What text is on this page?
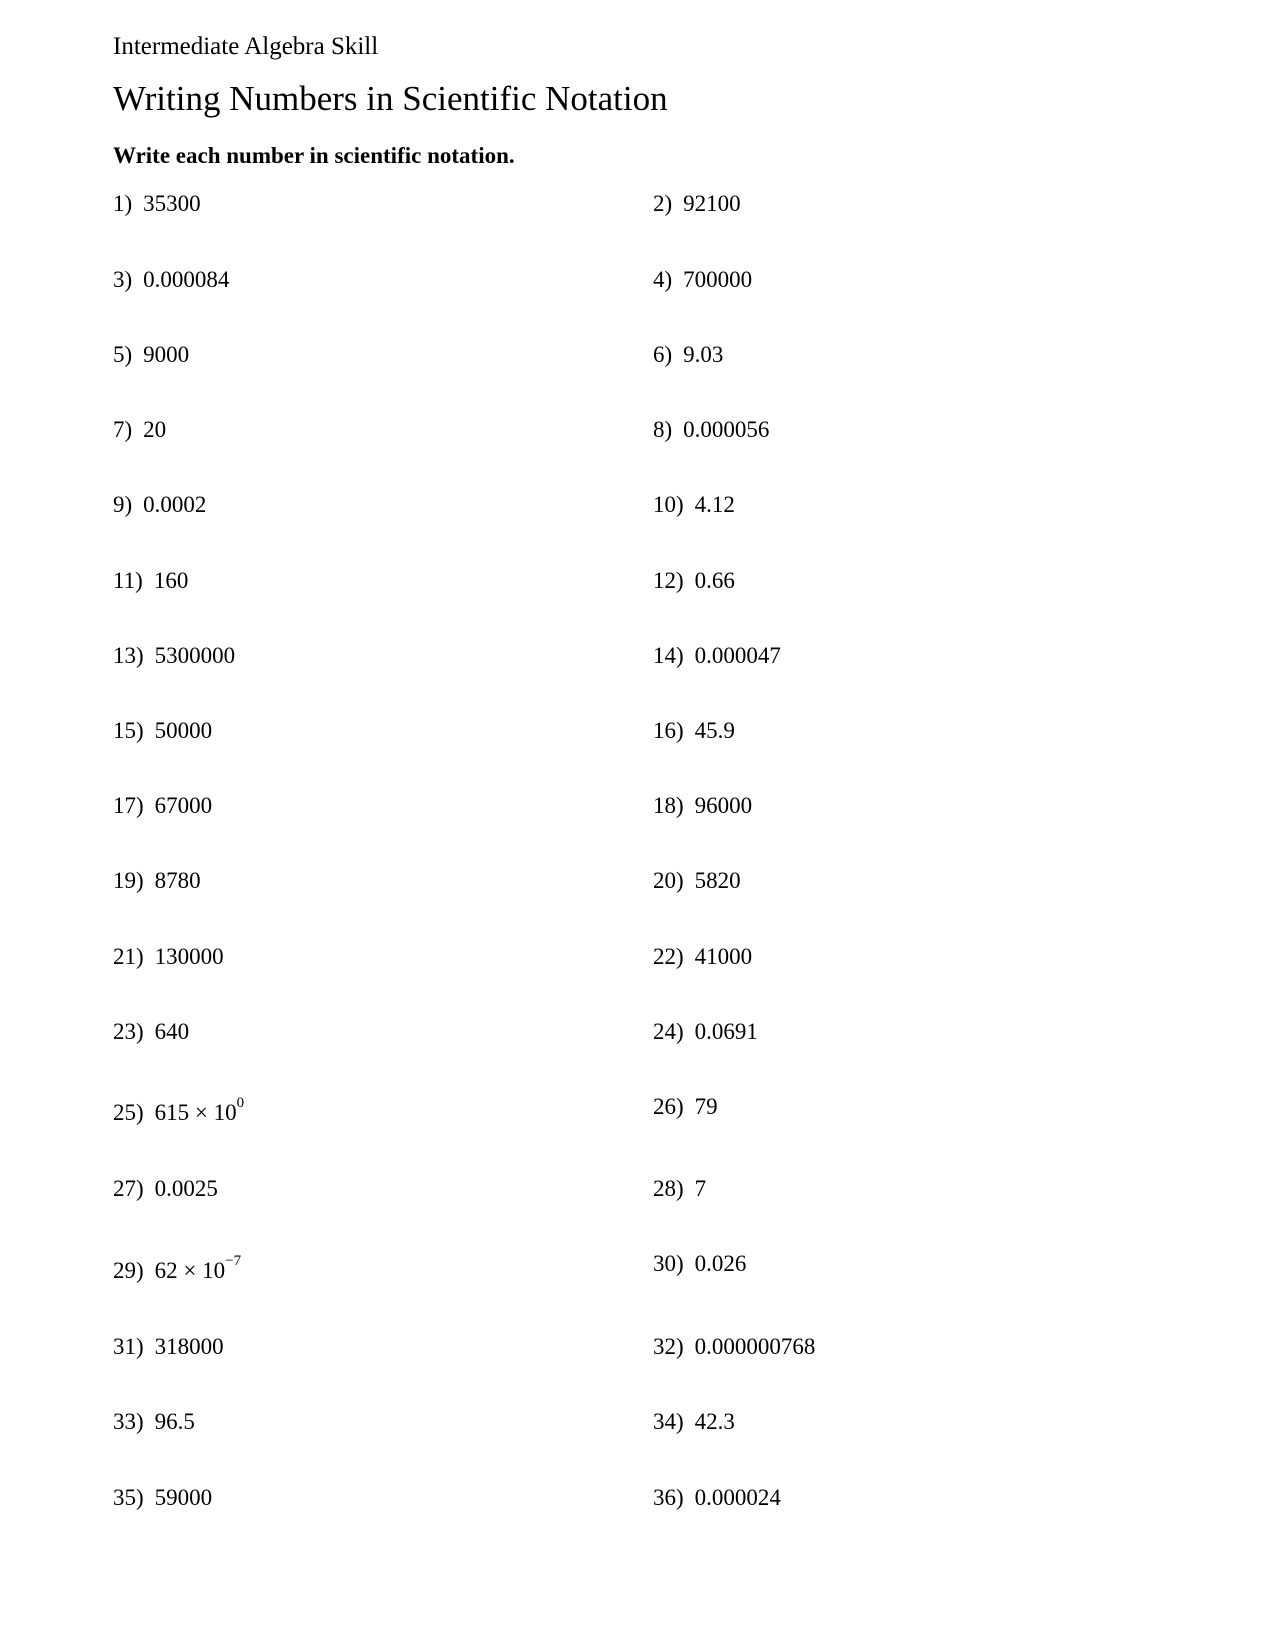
Intermediate Algebra Skill
Writing Numbers in Scientific Notation
Write each number in scientific notation.
1) 35300	2) 92100
3) 0.000084	4) 700000
5) 9000	6) 9.03
7) 20	8) 0.000056
9) 0.0002	10) 4.12
11) 160	12) 0.66
13) 5300000	14) 0.000047
15) 50000	16) 45.9
17) 67000	18) 96000
19) 8780	20) 5820
21) 130000	22) 41000
23) 640	24) 0.0691
25) $615 \times 10^0$	26) 79
27) 0.0025	28) 7
29) $62 \times 10^{-7}$	30) 0.026
31) 318000	32) 0.000000768
33) 96.5	34) 42.3
35) 59000	36) 0.000024
